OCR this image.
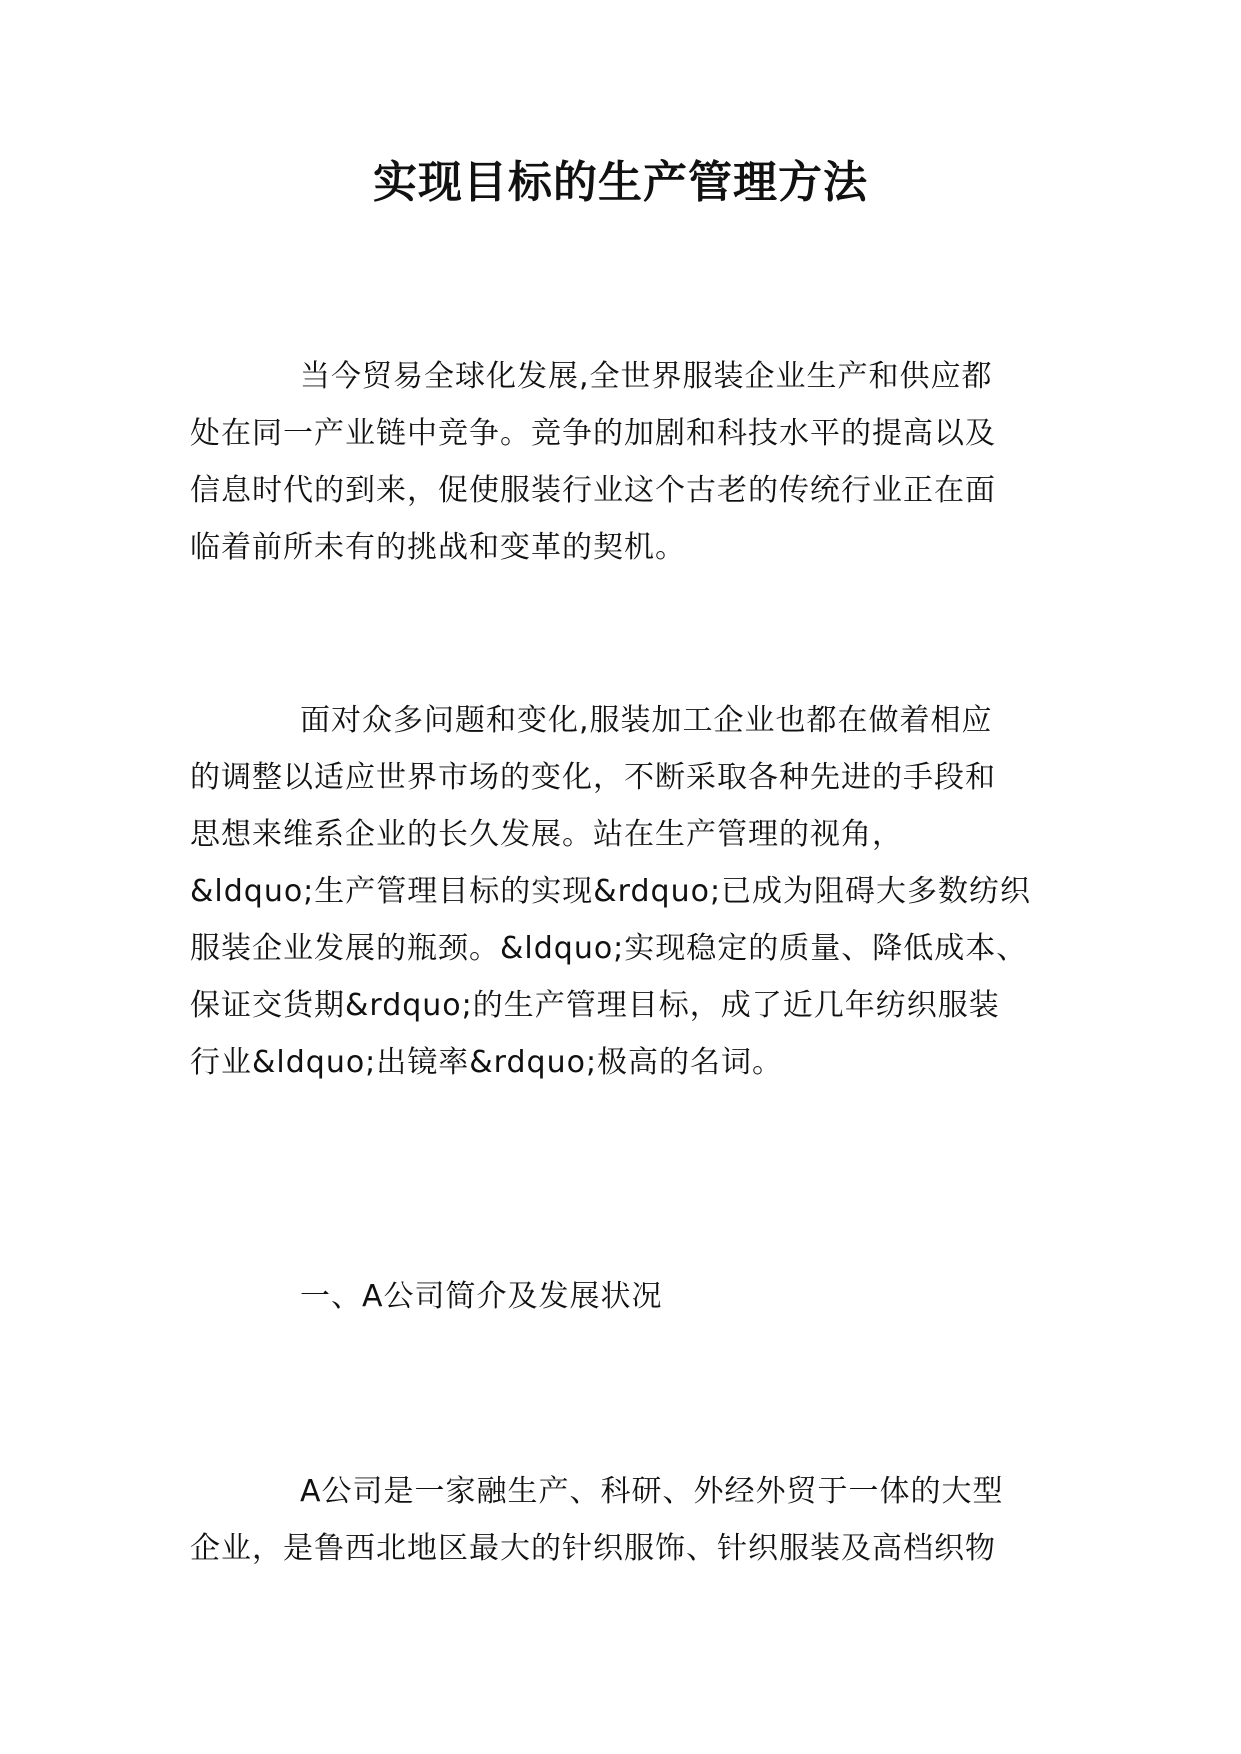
实现目标的生产管理方法
当今贸易全球化发展,全世界服装企业生产和供应都
处在同一产业链中竞争。竞争的加剧和科技水平的提高以及
信息时代的到来，促使服装行业这个古老的传统行业正在面
临着前所未有的挑战和变革的契机。
面对众多问题和变化,服装加工企业也都在做着相应
的调整以适应世界市场的变化，不断采取各种先进的手段和
思想来维系企业的长久发展。站在生产管理的视角，
&ldquo;生产管理目标的实现&rdquo;已成为阻碍大多数纺织
服装企业发展的瓶颈。&ldquo;实现稳定的质量、降低成本、
保证交货期&rdquo;的生产管理目标，成了近几年纺织服装
行业&ldquo;出镜率&rdquo;极高的名词。

一、A公司简介及发展状况

A公司是一家融生产、科研、外经外贸于一体的大型
企业，是鲁西北地区最大的针织服饰、针织服装及高档织物
